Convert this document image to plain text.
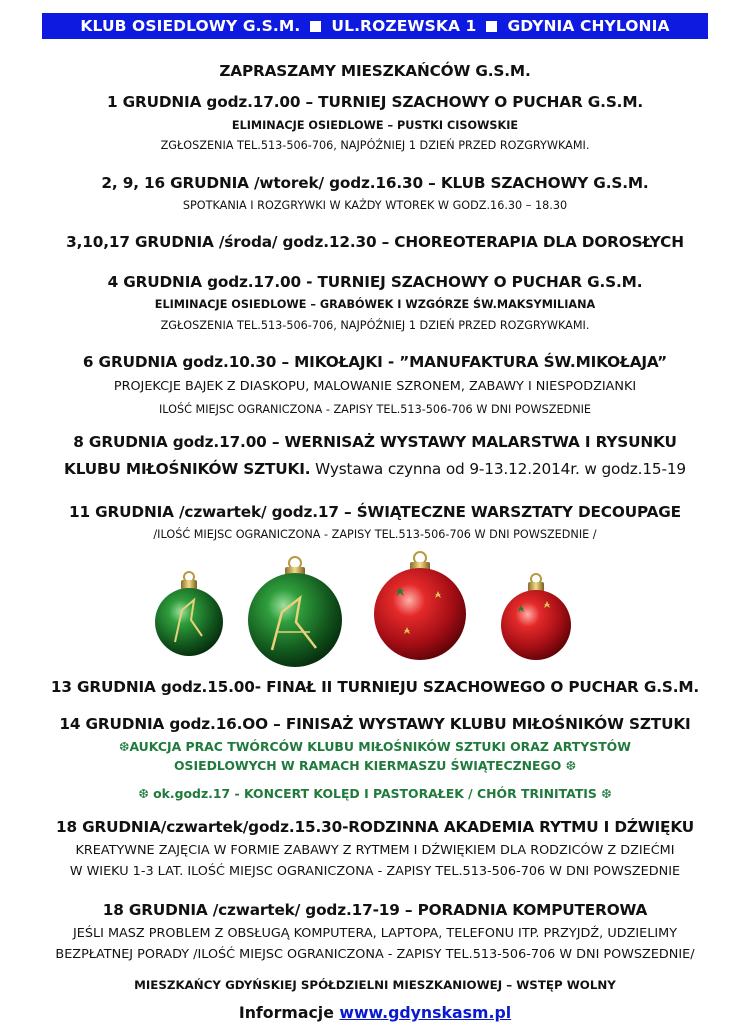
KLUB OSIEDLOWY G.S.M. UL.ROZEWSKA 1 GDYNIA CHYLONIA
ZAPRASZAMY MIESZKAŃCÓW G.S.M.
1 GRUDNIA godz.17.00 – TURNIEJ SZACHOWY O PUCHAR G.S.M.
ELIMINACJE OSIEDLOWE – PUSTKI CISOWSKIE
ZGŁOSZENIA TEL.513-506-706, NAJPÓŹNIEJ 1 DZIEŃ PRZED ROZGRYWKAMI.
2, 9, 16 GRUDNIA /wtorek/ godz.16.30 – KLUB SZACHOWY G.S.M.
SPOTKANIA I ROZGRYWKI W KAŻDY WTOREK W GODZ.16.30 – 18.30
3,10,17 GRUDNIA /środa/ godz.12.30 – CHOREOTERAPIA DLA DOROSŁYCH
4 GRUDNIA godz.17.00 - TURNIEJ SZACHOWY O PUCHAR G.S.M.
ELIMINACJE OSIEDLOWE – GRABÓWEK I WZGÓRZE ŚW.MAKSYMILIANA
ZGŁOSZENIA TEL.513-506-706, NAJPÓŹNIEJ 1 DZIEŃ PRZED ROZGRYWKAMI.
6 GRUDNIA godz.10.30 – MIKOŁAJKI - ”MANUFAKTURA ŚW.MIKOŁAJA”
PROJEKCJE BAJEK Z DIASKOPU, MALOWANIE SZRONEM, ZABAWY I NIESPODZIANKI
ILOŚĆ MIEJSC OGRANICZONA - ZAPISY TEL.513-506-706 W DNI POWSZEDNIE
8 GRUDNIA godz.17.00 – WERNISAŻ WYSTAWY MALARSTWA I RYSUNKU
KLUBU MIŁOŚNIKÓW SZTUKI. Wystawa czynna od 9-13.12.2014r. w godz.15-19
11 GRUDNIA /czwartek/ godz.17 – ŚWIĄTECZNE WARSZTATY DECOUPAGE
/ILOŚĆ MIEJSC OGRANICZONA - ZAPISY TEL.513-506-706 W DNI POWSZEDNIE /
13 GRUDNIA godz.15.00- FINAŁ II TURNIEJU SZACHOWEGO O PUCHAR G.S.M.
14 GRUDNIA godz.16.OO – FINISAŻ WYSTAWY KLUBU MIŁOŚNIKÓW SZTUKI
❆AUKCJA PRAC TWÓRCÓW KLUBU MIŁOŚNIKÓW SZTUKI ORAZ ARTYSTÓW
OSIEDLOWYCH W RAMACH KIERMASZU ŚWIĄTECZNEGO ❆
❆ ok.godz.17 - KONCERT KOLĘD I PASTORAŁEK / CHÓR TRINITATIS ❆
18 GRUDNIA/czwartek/godz.15.30-RODZINNA AKADEMIA RYTMU I DŹWIĘKU
KREATYWNE ZAJĘCIA W FORMIE ZABAWY Z RYTMEM I DŹWIĘKIEM DLA RODZICÓW Z DZIEĆMI
W WIEKU 1-3 LAT. ILOŚĆ MIEJSC OGRANICZONA - ZAPISY TEL.513-506-706 W DNI POWSZEDNIE
18 GRUDNIA /czwartek/ godz.17-19 – PORADNIA KOMPUTEROWA
JEŚLI MASZ PROBLEM Z OBSŁUGĄ KOMPUTERA, LAPTOPA, TELEFONU ITP. PRZYJDŹ, UDZIELIMY
BEZPŁATNEJ PORADY /ILOŚĆ MIEJSC OGRANICZONA - ZAPISY TEL.513-506-706 W DNI POWSZEDNIE/
MIESZKAŃCY GDYŃSKIEJ SPÓŁDZIELNI MIESZKANIOWEJ – WSTĘP WOLNY
Informacje www.gdynskasm.pl
